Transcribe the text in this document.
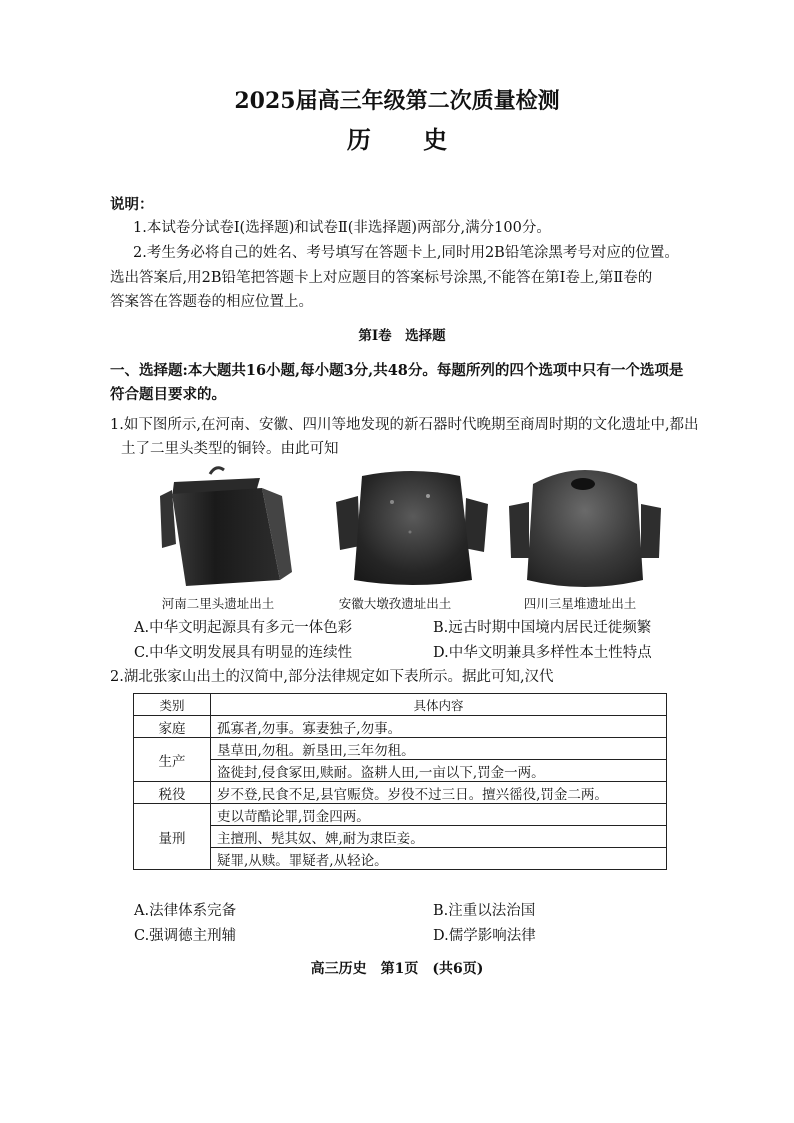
2025届高三年级第二次质量检测
历 史
说明：
1.本试卷分试卷Ⅰ(选择题)和试卷Ⅱ(非选择题)两部分,满分100分。
2.考生务必将自己的姓名、考号填写在答题卡上,同时用2B铅笔涂黑考号对应的位置。
选出答案后,用2B铅笔把答题卡上对应题目的答案标号涂黑,不能答在第Ⅰ卷上,第Ⅱ卷的
答案答在答题卷的相应位置上。
第Ⅰ卷　选择题
一、选择题:本大题共16小题,每小题3分,共48分。每题所列的四个选项中只有一个选项是
符合题目要求的。
1.如下图所示,在河南、安徽、四川等地发现的新石器时代晚期至商周时期的文化遗址中,都出
土了二里头类型的铜铃。由此可知
河南二里头遗址出土	安徽大墩孜遗址出土	四川三星堆遗址出土
A.中华文明起源具有多元一体色彩	B.远古时期中国境内居民迁徙频繁
C.中华文明发展具有明显的连续性	D.中华文明兼具多样性本土性特点
2.湖北张家山出土的汉简中,部分法律规定如下表所示。据此可知,汉代
类别	具体内容
家庭	孤寡者,勿事。寡妻独子,勿事。
生产	垦草田,勿租。新垦田,三年勿租。
	盗徙封,侵食冢田,赎耐。盗耕人田,一亩以下,罚金一两。
税役	岁不登,民食不足,县官赈贷。岁役不过三日。擅兴徭役,罚金二两。
量刑	吏以苛酷论罪,罚金四两。
	主擅刑、髡其奴、婢,耐为隶臣妾。
	疑罪,从赎。罪疑者,从轻论。
A.法律体系完备	B.注重以法治国
C.强调德主刑辅	D.儒学影响法律
高三历史　第1页　(共6页)
